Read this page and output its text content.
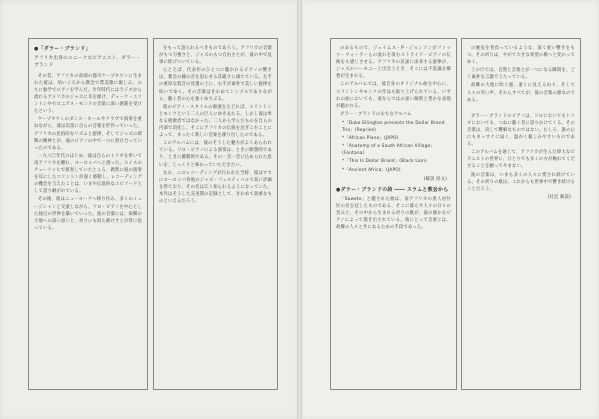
●「ダラー・ブランド」
アフリカ出身のユニークなピアニスト、ダラー・ブランド

その昔、アフリカの南端の都市ケープタウンに生まれた彼は、幼いころから教会で賛美歌に親しみ、のちに独学でピアノを学んだ。少年時代にはラジオから流れるアメリカのジャズに耳を傾け、デューク・エリントンやセロニアス・モンクの音楽に深い感銘を受けたという。

ケープタウンのダンス・ホールやクラブで演奏を重ねながら、彼は次第に自らの音楽を形作っていった。アフリカの民俗的なリズムと旋律、そしてジャズの即興の精神とが、彼のピアノの中で一つに溶け合っていったのである。

一九六〇年代のはじめ、彼は自らのトリオを率いて南アフリカを離れ、ヨーロッパへと渡った。スイスのチューリッヒで演奏していたところ、偶然に彼の演奏を耳にしたエリントンが深く感動し、レコーディングの機会を与えたことは、いまや伝説的なエピソードとして語り継がれている。

その後、彼はニューヨークへ移り住み、多くのミュージシャンと交流しながら、ソロ・ピアノを中心とした独自の世界を築いていった。彼の音楽には、故郷の大地への深い思いと、祈りにも似た静けさとが常に宿っている。

をもって語られるべきものであろう。アフリカの音楽がもつ力強さと、ジャズのもつ自由さとが、彼の中で見事に結びついている。

たとえば、代表作のひとつに聴かれるピアノの響きは、教会の鐘の音を思わせる荘厳さに満ちている。左手の重厚な低音の反復の上に、右手が素朴で美しい旋律を紡いでゆく。その音楽はきわめてシンプルでありながら、聴く者の心を強くゆさぶる。

彼のピアノ・スタイルの源流をたどれば、エリントンとモンクという二人の巨人にゆきあたる。しかし彼は単なる模倣者ではなかった。二人から学んだものを自らの内部で消化し、そこにアフリカの伝統を注ぎこむことによって、まったく新しい音楽を創り出したのである。

このアルバムには、彼のそうした魅力がよくあらわれている。ソロ・ピアノによる演奏は、ときに瞑想的であり、ときに躍動的である。その一音一音に込められた思いを、じっくりと味わっていただきたい。

なお、このレコーディングが行われた当時、彼はすでにヨーロッパ各地のジャズ・フェスティバルで高い評価を得ており、その名は広く知られるようになっていた。本作はそうした充実期の記録として、きわめて貴重なものといえるだろう。

のあるもので、ジェイムス・P・ジョンソンがファッツ・ウォーラーらの流れを汲むストライド・ピアノの伝統をも感じさせる。アフリカの民謡に由来する旋律が、ジャズのハーモニーと出会うとき、そこには不思議な郷愁が生まれる。

このアルバムでは、彼自身のオリジナル曲を中心に、エリントンやモンクの作品も取り上げられている。いずれの曲においても、彼ならではの深い解釈と豊かな表現が聴かれる。

ダラー・ブランドのおもなアルバム

*「Duke Ellington presents the Dollar Brand Trio」(Reprise)
*「African Piano」(JAPO)
*「Anatomy of a South African Village」(Fontana)
*「This Is Dollar Brand」(Black Lion)
*「Ancient Africa」(JAPO)
(解説 原文)
●ダラー・ブランドの詩 ―― スラムと教会から

「Soweto」と題された曲は、南アフリカの黒人居住区の名を冠したものである。そこに暮らす人々の日々の営みと、その中から生まれる祈りの歌が、彼の静かなピアノによって描き出されている。彼にとって音楽とは、故郷の人々と共にあるための手段であった。

の歴史を背負っているような、深く重い響きをもつ。その祈りは、やがて大きな希望の歌へと変わってゆく。

上の行では、自然と音楽とが一つになる瞬間を、ごく素朴な言葉でうたっている。

故郷の大地に吹く風、遠くに見える山々、そして人々の笑い声。それらすべてが、彼の音楽の源なのである。

ダラー・ブランドのピアノは、ソロにおいてもトリオにおいても、つねに聴く者に語りかけてくる。その音楽は、決して難解なものではない。むしろ、誰の心にもまっすぐに届く、温かく親しみやすいものである。

このアルバムを通じて、アフリカが生んだ偉大なピアニストの世界に、ひとりでも多くの方が触れてくださることを願ってやまない。

彼の音楽は、いまも多くの人々に愛され続けている。その祈りの歌は、これからも世界中で響き続けることだろう。

(付記 解説)
